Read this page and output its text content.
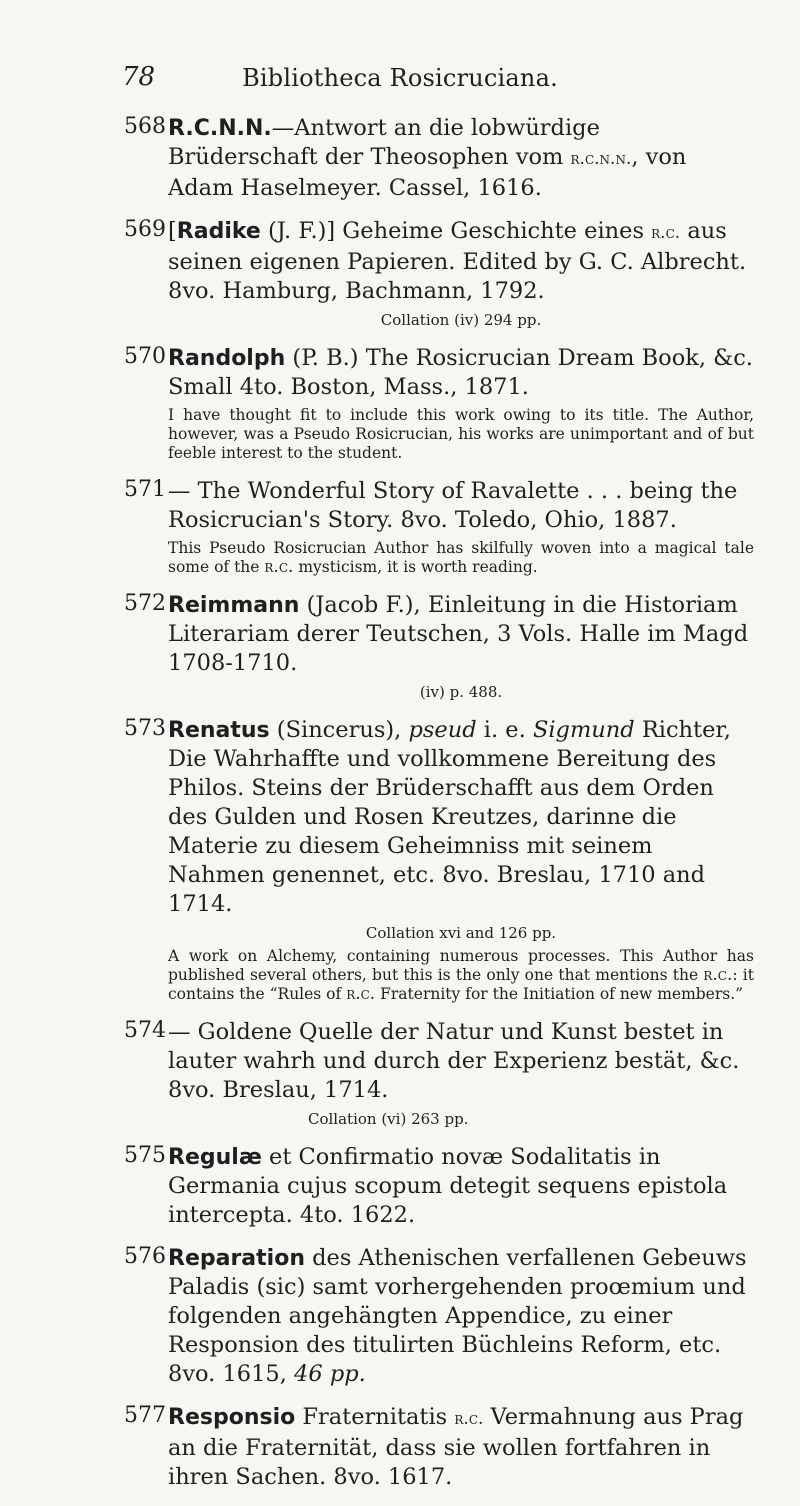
78	Bibliotheca Rosicruciana.
568 R.C.N.N.—Antwort an die lobwürdige Brüderschaft der Theosophen vom r.c.n.n., von Adam Haselmeyer. Cassel, 1616.
569 [Radike (J. F.)] Geheime Geschichte eines r.c. aus seinen eigenen Papieren. Edited by G. C. Albrecht. 8vo. Hamburg, Bachmann, 1792.
Collation (iv) 294 pp.
570 Randolph (P. B.) The Rosicrucian Dream Book, &c. Small 4to. Boston, Mass., 1871.
I have thought fit to include this work owing to its title. The Author, however, was a Pseudo Rosicrucian, his works are unimportant and of but feeble interest to the student.
571 — The Wonderful Story of Ravalette . . . being the Rosicrucian's Story. 8vo. Toledo, Ohio, 1887.
This Pseudo Rosicrucian Author has skilfully woven into a magical tale some of the r.c. mysticism, it is worth reading.
572 Reimmann (Jacob F.), Einleitung in die Historiam Literariam derer Teutschen, 3 Vols. Halle im Magd 1708-1710.
(iv) p. 488.
573 Renatus (Sincerus), pseud i. e. Sigmund Richter, Die Wahrhaffte und vollkommene Bereitung des Philos. Steins der Brüderschafft aus dem Orden des Gulden und Rosen Kreutzes, darinne die Materie zu diesem Geheimniss mit seinem Nahmen genennet, etc. 8vo. Breslau, 1710 and 1714.
Collation xvi and 126 pp.
A work on Alchemy, containing numerous processes. This Author has published several others, but this is the only one that mentions the r.c.: it contains the “Rules of r.c. Fraternity for the Initiation of new members.”
574 — Goldene Quelle der Natur und Kunst bestet in lauter wahrh und durch der Experienz bestät, &c. 8vo. Breslau, 1714.
Collation (vi) 263 pp.
575 Regulæ et Confirmatio novæ Sodalitatis in Germania cujus scopum detegit sequens epistola intercepta. 4to. 1622.
576 Reparation des Athenischen verfallenen Gebeuws Paladis (sic) samt vorhergehenden proœmium und folgenden angehängten Appendice, zu einer Responsion des titulirten Büchleins Reform, etc. 8vo. 1615, 46 pp.
577 Responsio Fraternitatis r.c. Vermahnung aus Prag an die Fraternität, dass sie wollen fortfahren in ihren Sachen. 8vo. 1617.
